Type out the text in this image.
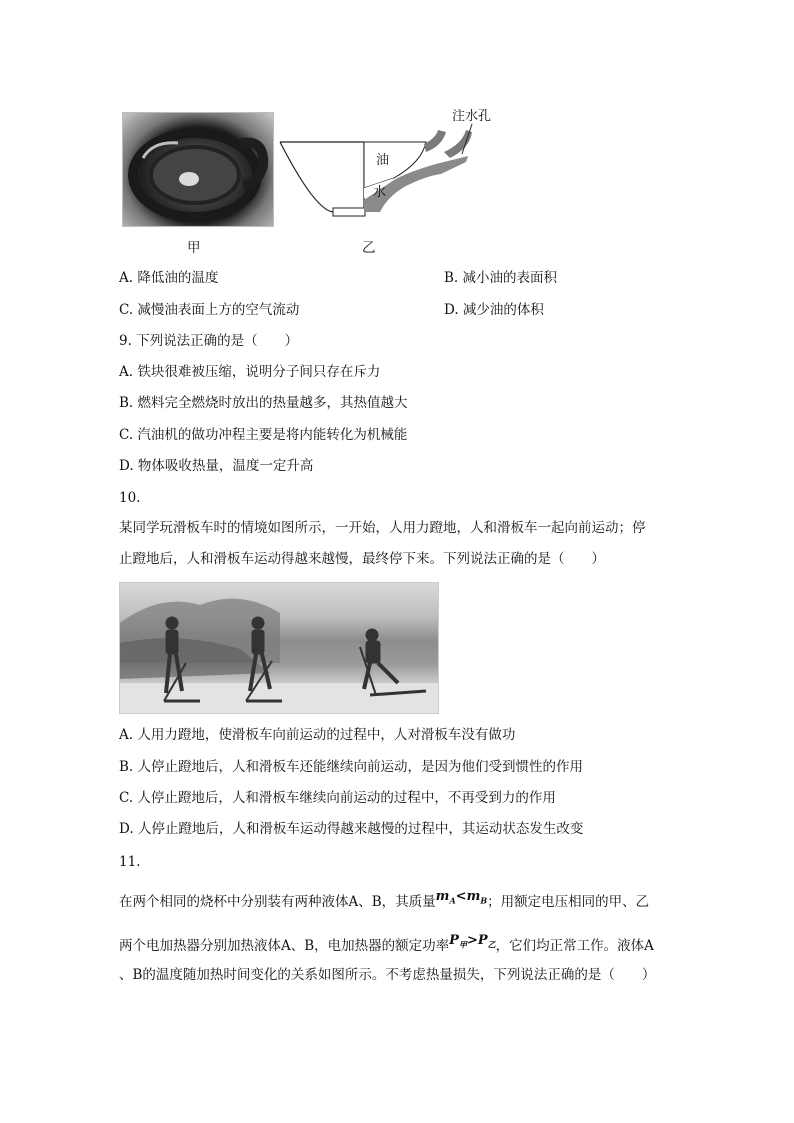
油
水
注水孔
甲	乙
A. 降低油的温度	B. 减小油的表面积
C. 减慢油表面上方的空气流动	D. 减少油的体积
9. 下列说法正确的是（　　）
A. 铁块很难被压缩，说明分子间只存在斥力
B. 燃料完全燃烧时放出的热量越多，其热值越大
C. 汽油机的做功冲程主要是将内能转化为机械能
D. 物体吸收热量，温度一定升高
10.
某同学玩滑板车时的情境如图所示，一开始，人用力蹬地，人和滑板车一起向前运动；停
止蹬地后，人和滑板车运动得越来越慢，最终停下来。下列说法正确的是（　　）
A. 人用力蹬地，使滑板车向前运动的过程中，人对滑板车没有做功
B. 人停止蹬地后，人和滑板车还能继续向前运动，是因为他们受到惯性的作用
C. 人停止蹬地后，人和滑板车继续向前运动的过程中，不再受到力的作用
D. 人停止蹬地后，人和滑板车运动得越来越慢的过程中，其运动状态发生改变
11.
在两个相同的烧杯中分别装有两种液体A、B，其质量$m_A<m_B$；用额定电压相同的甲、乙
两个电加热器分别加热液体A、B，电加热器的额定功率$P_甲>P_乙$，它们均正常工作。液体A
、B的温度随加热时间变化的关系如图所示。不考虑热量损失，下列说法正确的是（　　）
